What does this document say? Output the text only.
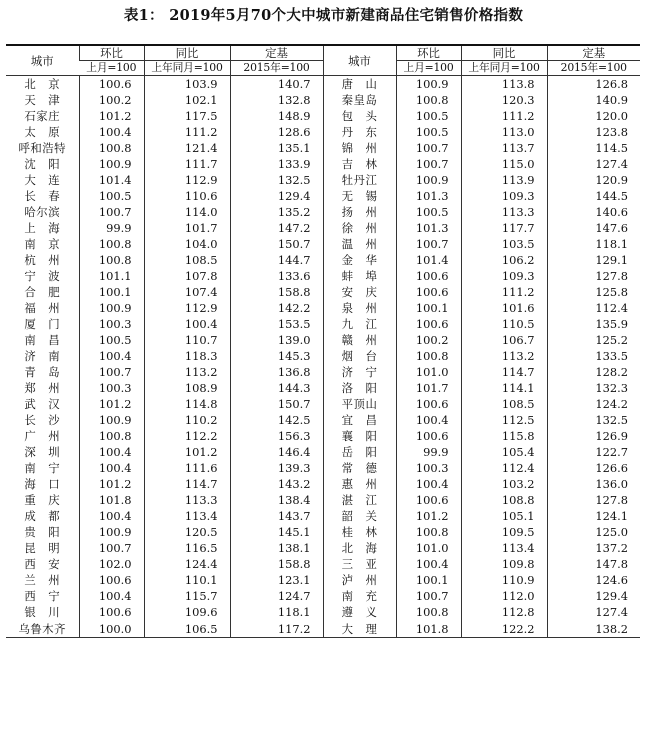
表1： 2019年5月70个大中城市新建商品住宅销售价格指数
城市	环比	同比	定基	城市	环比	同比	定基
	上月=100	上年同月=100	2015年=100		上月=100	上年同月=100	2015年=100
北　京	100.6	103.9	140.7	唐　山	100.9	113.8	126.8
天　津	100.2	102.1	132.8	秦皇岛	100.8	120.3	140.9
石家庄	101.2	117.5	148.9	包　头	100.5	111.2	120.0
太　原	100.4	111.2	128.6	丹　东	100.5	113.0	123.8
呼和浩特	100.8	121.4	135.1	锦　州	100.7	113.7	114.5
沈　阳	100.9	111.7	133.9	吉　林	100.7	115.0	127.4
大　连	101.4	112.9	132.5	牡丹江	100.9	113.9	120.9
长　春	100.5	110.6	129.4	无　锡	101.3	109.3	144.5
哈尔滨	100.7	114.0	135.2	扬　州	100.5	113.3	140.6
上　海	99.9	101.7	147.2	徐　州	101.3	117.7	147.6
南　京	100.8	104.0	150.7	温　州	100.7	103.5	118.1
杭　州	100.8	108.5	144.7	金　华	101.4	106.2	129.1
宁　波	101.1	107.8	133.6	蚌　埠	100.6	109.3	127.8
合　肥	100.1	107.4	158.8	安　庆	100.6	111.2	125.8
福　州	100.9	112.9	142.2	泉　州	100.1	101.6	112.4
厦　门	100.3	100.4	153.5	九　江	100.6	110.5	135.9
南　昌	100.5	110.7	139.0	赣　州	100.2	106.7	125.2
济　南	100.4	118.3	145.3	烟　台	100.8	113.2	133.5
青　岛	100.7	113.2	136.8	济　宁	101.0	114.7	128.2
郑　州	100.3	108.9	144.3	洛　阳	101.7	114.1	132.3
武　汉	101.2	114.8	150.7	平顶山	100.6	108.5	124.2
长　沙	100.9	110.2	142.5	宜　昌	100.4	112.5	132.5
广　州	100.8	112.2	156.3	襄　阳	100.6	115.8	126.9
深　圳	100.4	101.2	146.4	岳　阳	99.9	105.4	122.7
南　宁	100.4	111.6	139.3	常　德	100.3	112.4	126.6
海　口	101.2	114.7	143.2	惠　州	100.4	103.2	136.0
重　庆	101.8	113.3	138.4	湛　江	100.6	108.8	127.8
成　都	100.4	113.4	143.7	韶　关	101.2	105.1	124.1
贵　阳	100.9	120.5	145.1	桂　林	100.8	109.5	125.0
昆　明	100.7	116.5	138.1	北　海	101.0	113.4	137.2
西　安	102.0	124.4	158.8	三　亚	100.4	109.8	147.8
兰　州	100.6	110.1	123.1	泸　州	100.1	110.9	124.6
西　宁	100.4	115.7	124.7	南　充	100.7	112.0	129.4
银　川	100.6	109.6	118.1	遵　义	100.8	112.8	127.4
乌鲁木齐	100.0	106.5	117.2	大　理	101.8	122.2	138.2
